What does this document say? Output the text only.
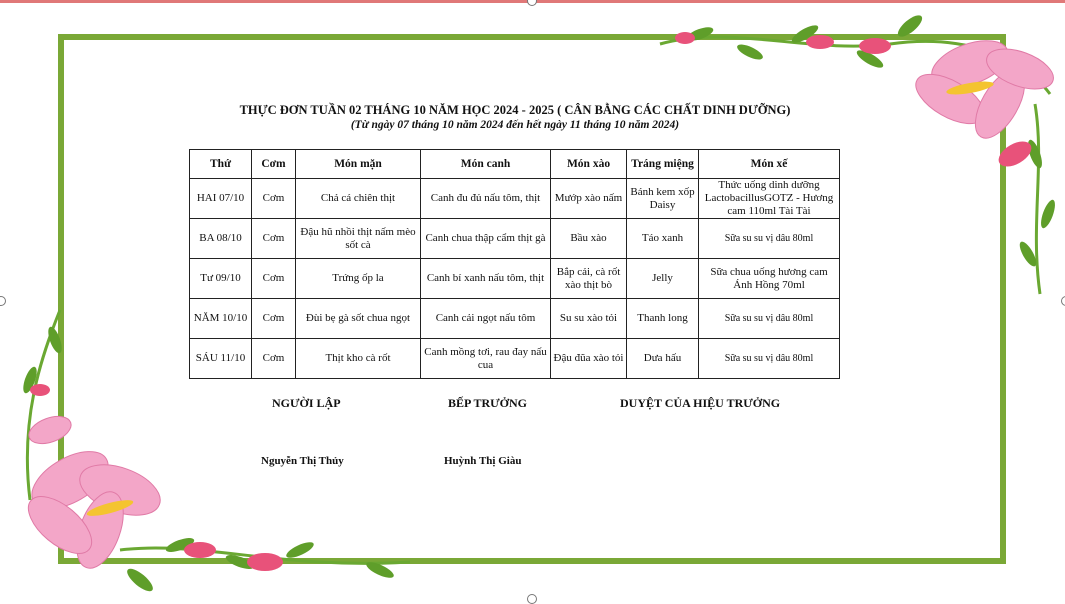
THỰC ĐƠN TUẦN 02 THÁNG 10 NĂM HỌC 2024 - 2025 ( CÂN BẰNG CÁC CHẤT DINH DƯỠNG)
(Từ ngày 07 tháng 10 năm 2024 đến hết ngày 11 tháng 10 năm 2024)
Thứ	Cơm	Món mặn	Món canh	Món xào	Tráng miệng	Món xế
HAI 07/10	Cơm	Chả cá chiên thịt	Canh đu đủ nấu tôm, thịt	Mướp xào nấm	Bánh kem xốp Daisy	Thức uống dinh dưỡng LactobacillusGOTZ - Hương cam 110ml Tài Tài
BA 08/10	Cơm	Đậu hũ nhồi thịt nấm mèo sốt cà	Canh chua thập cẩm thịt gà	Bầu xào	Táo xanh	Sữa su su vị dâu 80ml
Tư 09/10	Cơm	Trứng ốp la	Canh bí xanh nấu tôm, thịt	Bắp cải, cà rốt xào thịt bò	Jelly	Sữa chua uống hương cam Ánh Hồng 70ml
NĂM 10/10	Cơm	Đùi bẹ gà sốt chua ngọt	Canh cải ngọt nấu tôm	Su su xào tỏi	Thanh long	Sữa su su vị dâu 80ml
SÁU 11/10	Cơm	Thịt kho cà rốt	Canh mồng tơi, rau đay nấu cua	Đậu đũa xào tỏi	Dưa hấu	Sữa su su vị dâu 80ml
NGƯỜI LẬP	BẾP TRƯỞNG	DUYỆT CỦA HIỆU TRƯỞNG
Nguyễn Thị Thủy	Huỳnh Thị Giàu
